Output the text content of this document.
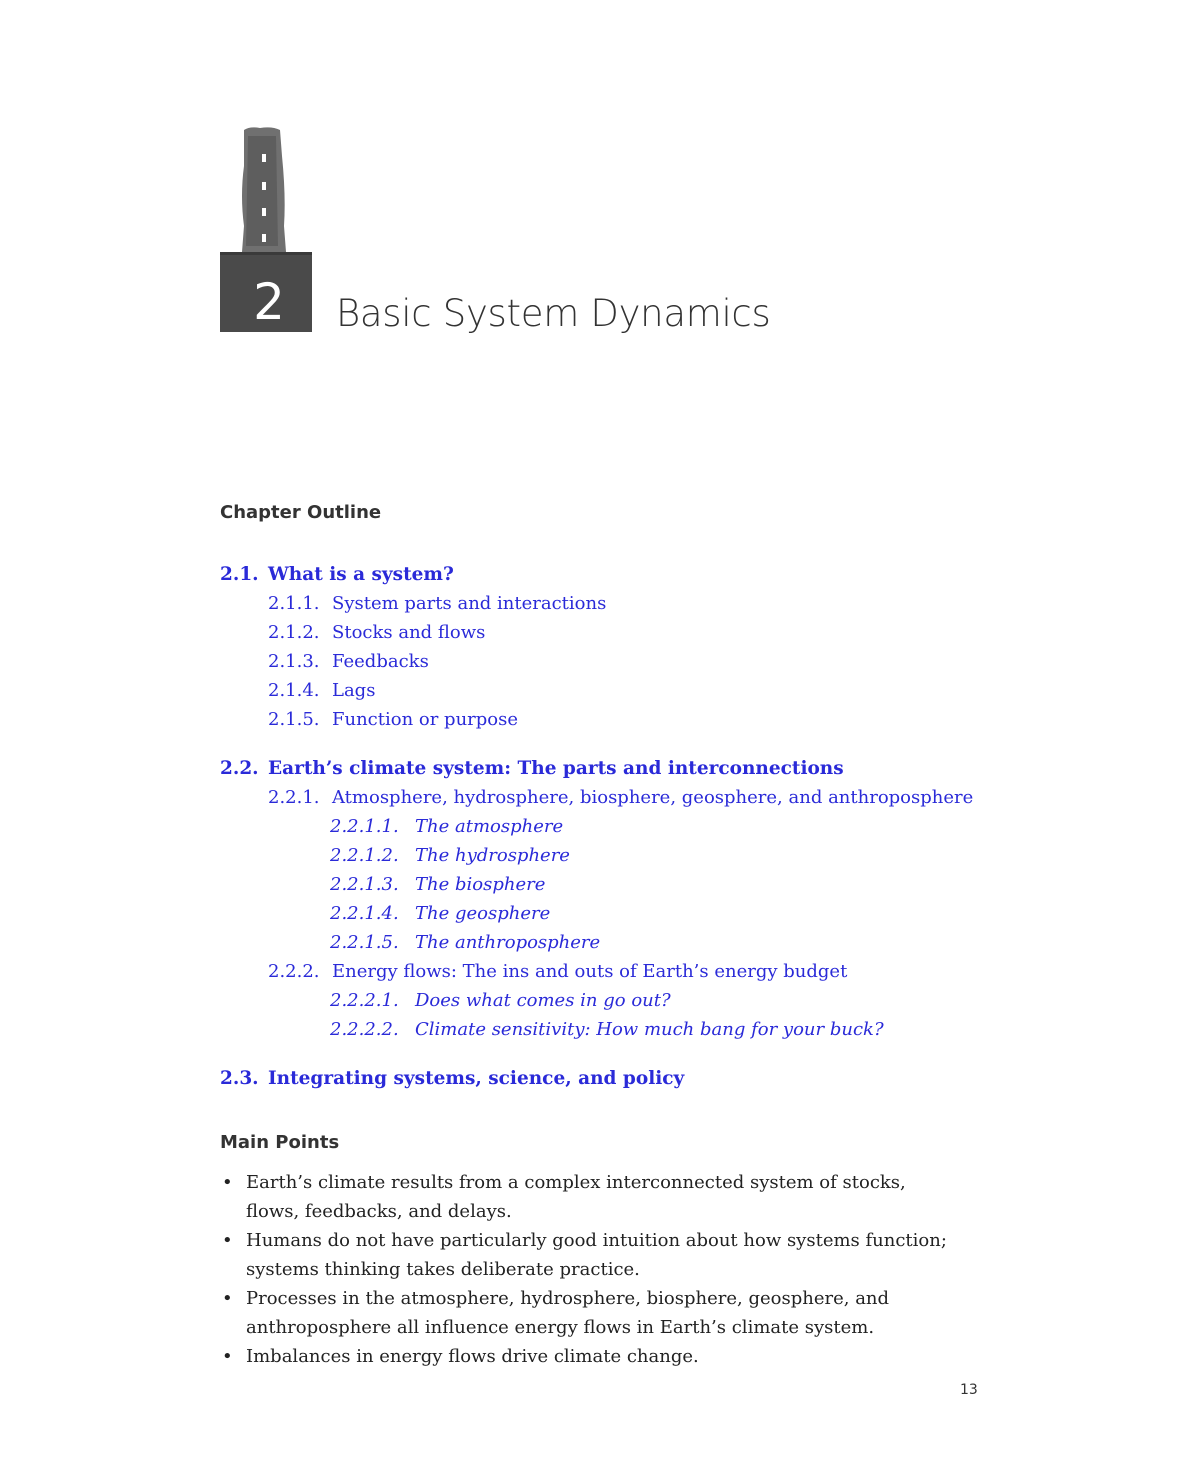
2 Basic System Dynamics
Chapter Outline
2.1. What is a system?
2.1.1. System parts and interactions
2.1.2. Stocks and flows
2.1.3. Feedbacks
2.1.4. Lags
2.1.5. Function or purpose
2.2. Earth’s climate system: The parts and interconnections
2.2.1. Atmosphere, hydrosphere, biosphere, geosphere, and anthroposphere
2.2.1.1. The atmosphere
2.2.1.2. The hydrosphere
2.2.1.3. The biosphere
2.2.1.4. The geosphere
2.2.1.5. The anthroposphere
2.2.2. Energy flows: The ins and outs of Earth’s energy budget
2.2.2.1. Does what comes in go out?
2.2.2.2. Climate sensitivity: How much bang for your buck?
2.3. Integrating systems, science, and policy
Main Points
• Earth’s climate results from a complex interconnected system of stocks, flows, feedbacks, and delays.
• Humans do not have particularly good intuition about how systems function; systems thinking takes deliberate practice.
• Processes in the atmosphere, hydrosphere, biosphere, geosphere, and anthroposphere all influence energy flows in Earth’s climate system.
• Imbalances in energy flows drive climate change.
13
